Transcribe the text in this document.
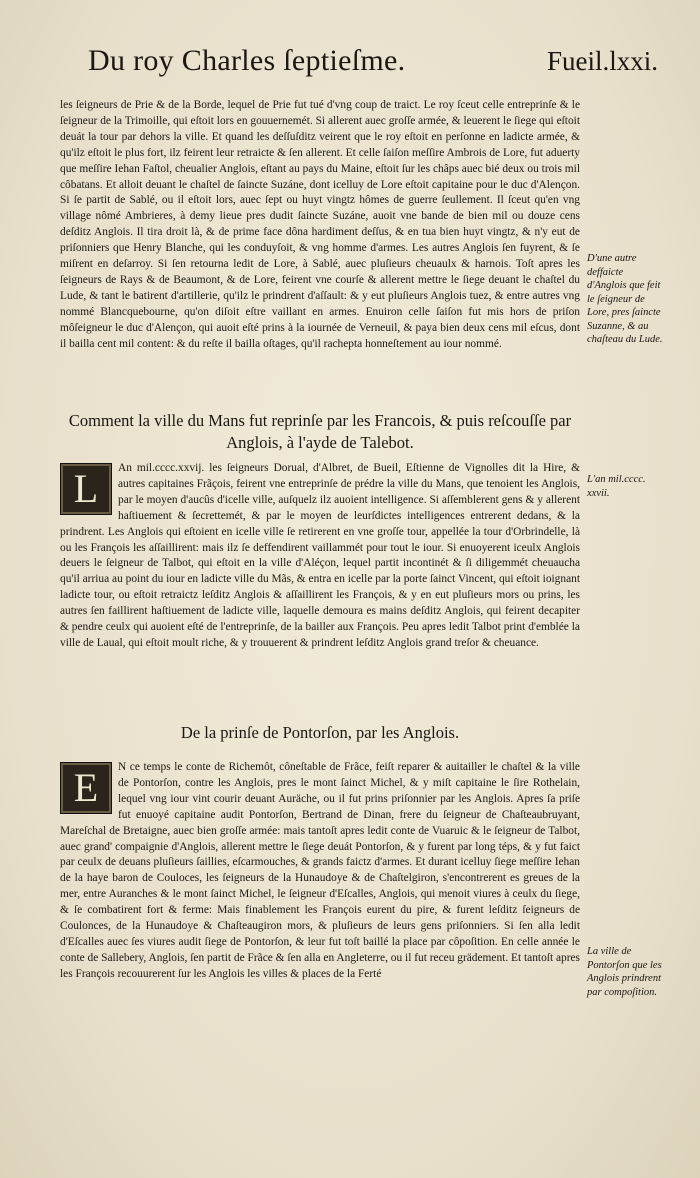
Du roy Charles ſeptieſme.	Fueil.lxxi.

les ſeigneurs de Prie & de la Borde, lequel de Prie fut tué d'vng coup de traict. Le roy ſceut celle entreprinſe & le ſeigneur de la Trimoille, qui eſtoit lors en gouuernemét. Si allerent auec groſſe armée, & leuerent le ſiege qui eſtoit deuát la tour par dehors la ville. Et quand les deſſuſditz veirent que le roy eſtoit en perſonne en ladicte armée, & qu'ilz eſtoit le plus fort, ilz feirent leur retraicte & ſen allerent. Et celle ſaiſon meſſire Ambrois de Lore, fut aduerty que meſſire Iehan Faſtol, cheualier Anglois, eſtant au pays du Maine, eſtoit ſur les châps auec bié deux ou trois mil côbatans. Et alloit deuant le chaſtel de ſaincte Suzáne, dont icelluy de Lore eſtoit capitaine pour le duc d'Alençon. Si ſe partit de Sablé, ou il eſtoit lors, auec ſept ou huyt vingtz hômes de guerre ſeullement. Il ſceut qu'en vng village nômé Ambrieres, à demy lieue pres dudit ſaincte Suzáne, auoit vne bande de bien mil ou douze cens deſditz Anglois. Il tira droit là, & de prime face dôna hardiment deſſus, & en tua bien huyt vingtz, & n'y eut de priſonniers que Henry Blanche, qui les conduyſoit, & vng homme d'armes. Les autres Anglois ſen fuyrent, & ſe miſrent en deſarroy. Si ſen retourna ledit de Lore, à Sablé, auec pluſieurs cheuaulx & harnois. Toſt apres les ſeigneurs de Rays & de Beaumont, & de Lore, feirent vne courſe & allerent mettre le ſiege deuant le chaſtel du Lude, & tant le batirent d'artillerie, qu'ilz le prindrent d'aſſault: & y eut pluſieurs Anglois tuez, & entre autres vng nommé Blancquebourne, qu'on diſoit eſtre vaillant en armes. Enuiron celle ſaiſon fut mis hors de priſon môſeigneur le duc d'Alençon, qui auoit eſté prins à la iournée de Verneuil, & paya bien deux cens mil eſcus, dont il bailla cent mil content: & du reſte il bailla oſtages, qu'il rachepta honneſtement au iour nommé.

D'une autre deffaicte d'Anglois que feit le ſeigneur de Lore, pres ſaincte Suzanne, & au chaſteau du Lude.
Comment la ville du Mans fut reprinſe par les Francois, & puis reſcouſſe par Anglois, à l'ayde de Talebot.
L	An mil.cccc.xxvij. les ſeigneurs Dorual, d'Albret, de Bueil, Eſtienne de Vignolles dit la Hire, & autres capitaines Frãçois, feirent vne entreprinſe de prédre la ville du Mans, que tenoient les Anglois, par le moyen d'aucûs d'icelle ville, auſquelz ilz auoient intelligence. Si aſſemblerent gens & y allerent haſtiuement & ſecrettemét, & par le moyen de leurſdictes intelligences entrerent dedans, & la prindrent. Les Anglois qui eſtoient en icelle ville ſe retirerent en vne groſſe tour, appellée la tour d'Orbrindelle, là ou les François les aſſaillirent: mais ilz ſe deffendirent vaillammét pour tout le iour. Si enuoyerent iceulx Anglois deuers le ſeigneur de Talbot, qui eſtoit en la ville d'Aléçon, lequel partit incontinét & ſi diligemmét cheuaucha qu'il arriua au point du iour en ladicte ville du Mãs, & entra en icelle par la porte ſainct Vincent, qui eſtoit ioignant ladicte tour, ou eſtoit retraictz leſditz Anglois & aſſaillirent les François, & y en eut pluſieurs mors ou prins, les autres ſen faillirent haſtiuement de ladicte ville, laquelle demoura es mains deſditz Anglois, qui feirent decapiter & pendre ceulx qui auoient eſté de l'entreprinſe, de la bailler aux François. Peu apres ledit Talbot print d'emblée la ville de Laual, qui eſtoit moult riche, & y trouuerent & prindrent leſditz Anglois grand treſor & cheuance.

L'an mil.cccc. xxvii.
De la prinſe de Pontorſon, par les Anglois.
E	N ce temps le conte de Richemôt, côneſtable de Frãce, feiſt reparer & auitailler le chaſtel & la ville de Pontorſon, contre les Anglois, pres le mont ſainct Michel, & y miſt capitaine le ſire Rothelain, lequel vng iour vint courir deuant Auräche, ou il fut prins priſonnier par les Anglois. Apres ſa priſe fut enuoyé capitaine audit Pontorſon, Bertrand de Dinan, frere du ſeigneur de Chaſteaubruyant, Mareſchal de Bretaigne, auec bien groſſe armée: mais tantoſt apres ledit conte de Vuaruic & le ſeigneur de Talbot, auec grand' compaignie d'Anglois, allerent mettre le ſiege deuát Pontorſon, & y furent par long téps, & y fut faict par ceulx de deuans pluſieurs ſaillies, eſcarmouches, & grands faictz d'armes. Et durant icelluy ſiege meſſire Iehan de la haye baron de Couloces, les ſeigneurs de la Hunaudoye & de Chaſtelgiron, s'encontrerent es greues de la mer, entre Auranches & le mont ſainct Michel, le ſeigneur d'Eſcalles, Anglois, qui menoit viures à ceulx du ſiege, & ſe combatirent fort & ferme: Mais finablement les François eurent du pire, & furent leſditz ſeigneurs de Coulonces, de la Hunaudoye & Chaſteaugiron mors, & pluſieurs de leurs gens priſonniers. Si ſen alla ledit d'Eſcalles auec ſes viures audit ſiege de Pontorſon, & leur fut toſt baillé la place par côpoſition. En celle année le conte de Sallebery, Anglois, ſen partit de Frãce & ſen alla en Angleterre, ou il fut receu grädement. Et tantoſt apres les François recouurerent ſur les Anglois les villes & places de la Ferté

La ville de Pontorſon que les Anglois prindrent par compoſition.
